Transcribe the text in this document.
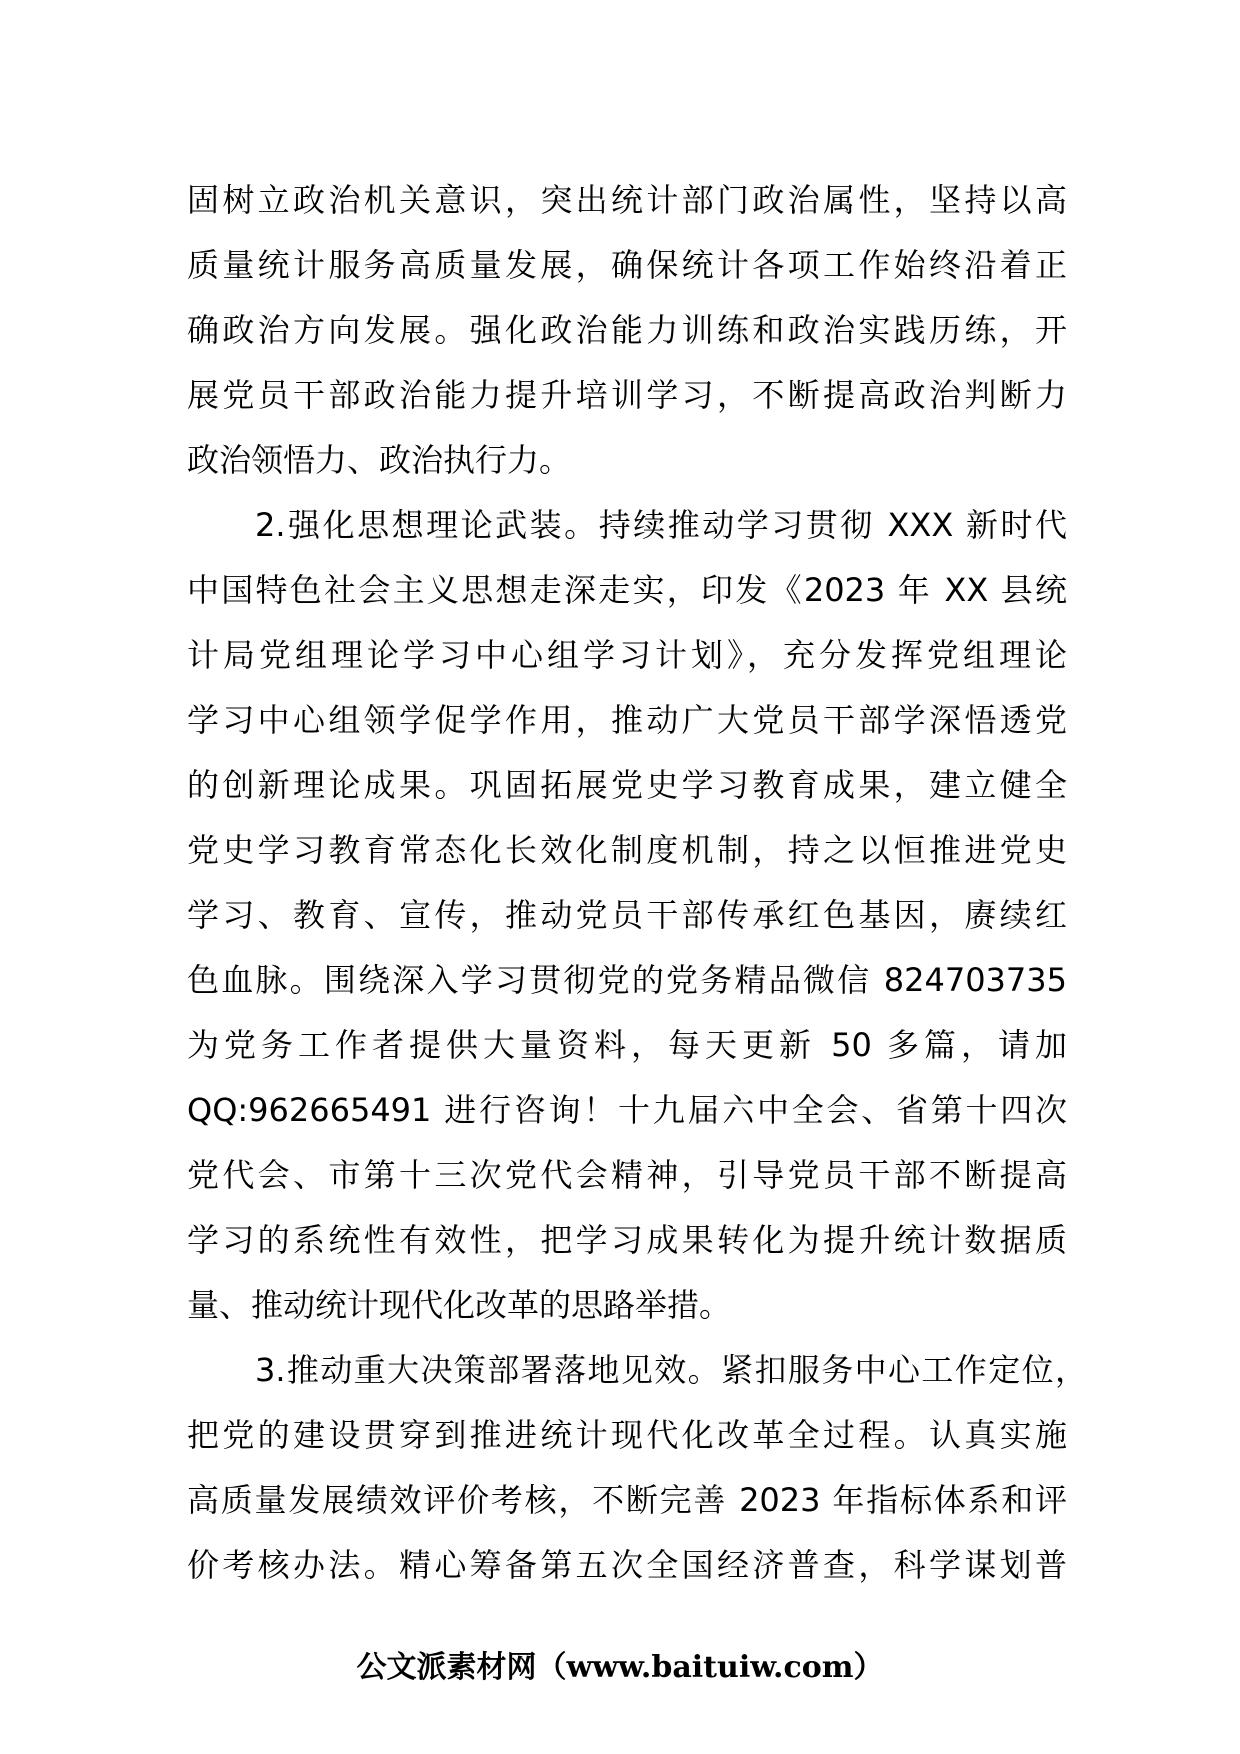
固树立政治机关意识，突出统计部门政治属性，坚持以高
质量统计服务高质量发展，确保统计各项工作始终沿着正
确政治方向发展。强化政治能力训练和政治实践历练，开
展党员干部政治能力提升培训学习，不断提高政治判断力
政治领悟力、政治执行力。
2.强化思想理论武装。持续推动学习贯彻 XXX 新时代
中国特色社会主义思想走深走实，印发《2023 年 XX 县统
计局党组理论学习中心组学习计划》，充分发挥党组理论
学习中心组领学促学作用，推动广大党员干部学深悟透党
的创新理论成果。巩固拓展党史学习教育成果，建立健全
党史学习教育常态化长效化制度机制，持之以恒推进党史
学习、教育、宣传，推动党员干部传承红色基因，赓续红
色血脉。围绕深入学习贯彻党的党务精品微信 824703735
为党务工作者提供大量资料，每天更新 50 多篇，请加
QQ:962665491 进行咨询！十九届六中全会、省第十四次
党代会、市第十三次党代会精神，引导党员干部不断提高
学习的系统性有效性，把学习成果转化为提升统计数据质
量、推动统计现代化改革的思路举措。
3.推动重大决策部署落地见效。紧扣服务中心工作定位，
把党的建设贯穿到推进统计现代化改革全过程。认真实施
高质量发展绩效评价考核，不断完善 2023 年指标体系和评
价考核办法。精心筹备第五次全国经济普查，科学谋划普
公文派素材网（www.baituiw.com）
